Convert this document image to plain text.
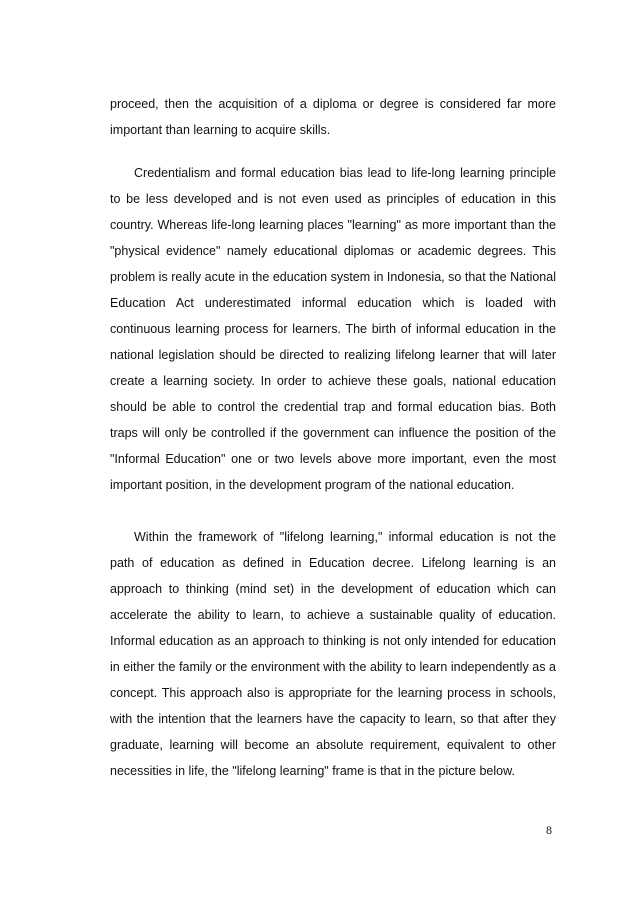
proceed, then the acquisition of a diploma or degree is considered far more important than learning to acquire skills.

Credentialism and formal education bias lead to life-long learning principle to be less developed and is not even used as principles of education in this country. Whereas life-long learning places "learning" as more important than the "physical evidence" namely educational diplomas or academic degrees. This problem is really acute in the education system in Indonesia, so that the National Education Act underestimated informal education which is loaded with continuous learning process for learners. The birth of informal education in the national legislation should be directed to realizing lifelong learner that will later create a learning society. In order to achieve these goals, national education should be able to control the credential trap and formal education bias. Both traps will only be controlled if the government can influence the position of the "Informal Education" one or two levels above more important, even the most important position, in the development program of the national education.

Within the framework of "lifelong learning," informal education is not the path of education as defined in Education decree. Lifelong learning is an approach to thinking (mind set) in the development of education which can accelerate the ability to learn, to achieve a sustainable quality of education. Informal education as an approach to thinking is not only intended for education in either the family or the environment with the ability to learn independently as a concept. This approach also is appropriate for the learning process in schools, with the intention that the learners have the capacity to learn, so that after they graduate, learning will become an absolute requirement, equivalent to other necessities in life, the "lifelong learning" frame is that in the picture below.

8
